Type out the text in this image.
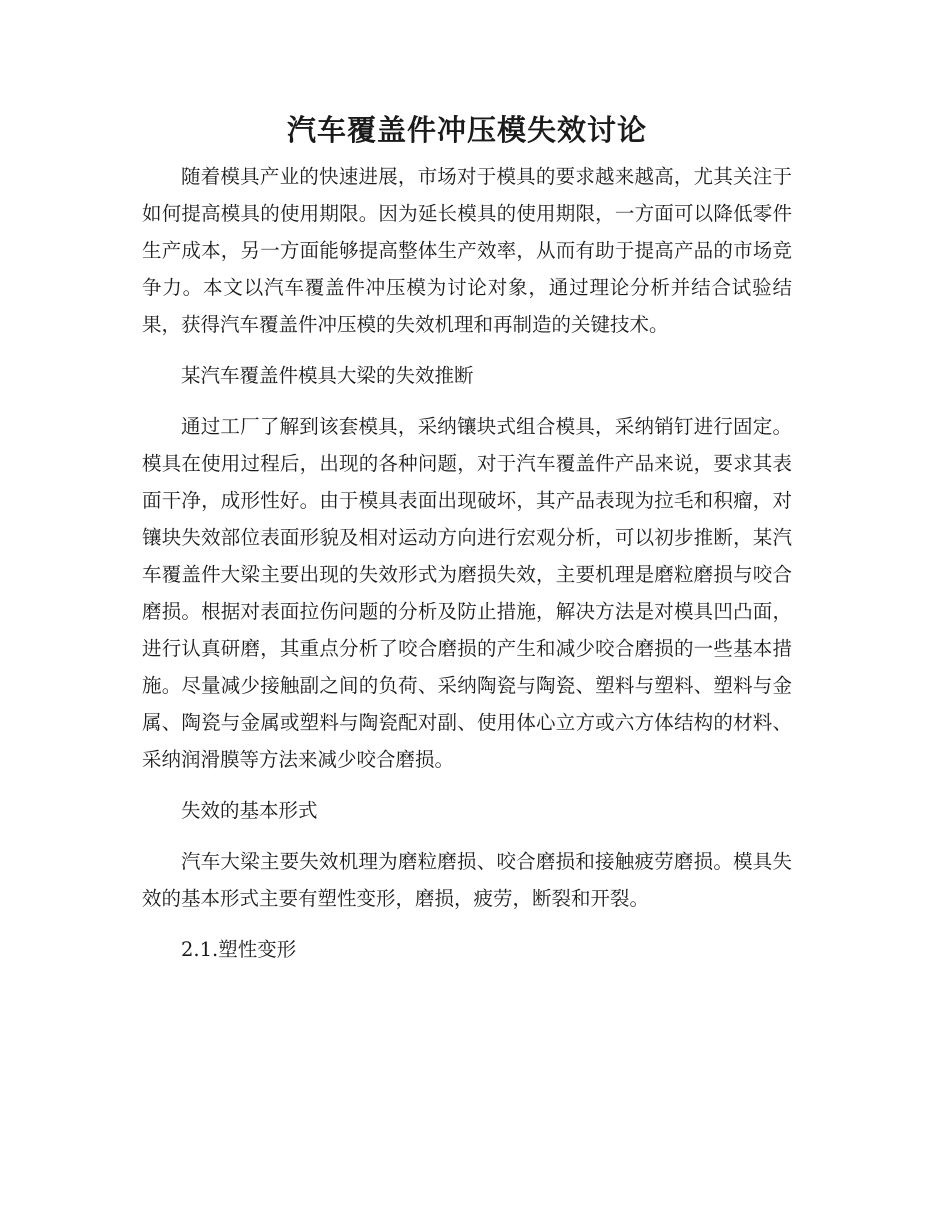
汽车覆盖件冲压模失效讨论

随着模具产业的快速进展，市场对于模具的要求越来越高，尤其关注于如何提高模具的使用期限。因为延长模具的使用期限，一方面可以降低零件生产成本，另一方面能够提高整体生产效率，从而有助于提高产品的市场竞争力。本文以汽车覆盖件冲压模为讨论对象，通过理论分析并结合试验结果，获得汽车覆盖件冲压模的失效机理和再制造的关键技术。

某汽车覆盖件模具大梁的失效推断

通过工厂了解到该套模具，采纳镶块式组合模具，采纳销钉进行固定。模具在使用过程后，出现的各种问题，对于汽车覆盖件产品来说，要求其表面干净，成形性好。由于模具表面出现破坏，其产品表现为拉毛和积瘤，对镶块失效部位表面形貌及相对运动方向进行宏观分析，可以初步推断，某汽车覆盖件大梁主要出现的失效形式为磨损失效，主要机理是磨粒磨损与咬合磨损。根据对表面拉伤问题的分析及防止措施，解决方法是对模具凹凸面，进行认真研磨，其重点分析了咬合磨损的产生和减少咬合磨损的一些基本措施。尽量减少接触副之间的负荷、采纳陶瓷与陶瓷、塑料与塑料、塑料与金属、陶瓷与金属或塑料与陶瓷配对副、使用体心立方或六方体结构的材料、采纳润滑膜等方法来减少咬合磨损。

失效的基本形式

汽车大梁主要失效机理为磨粒磨损、咬合磨损和接触疲劳磨损。模具失效的基本形式主要有塑性变形，磨损，疲劳，断裂和开裂。

2.1.塑性变形
